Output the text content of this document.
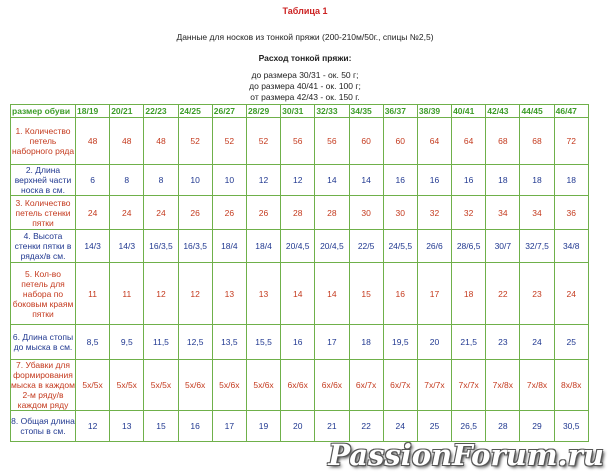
Таблица 1
Данные для носков из тонкой пряжи (200-210м/50г., спицы №2,5)
Расход тонкой пряжи:
до размера 30/31 - ок. 50 г;
до размера 40/41 - ок. 100 г;
от размера 42/43 - ок. 150 г.
размер обуви	18/19	20/21	22/23	24/25	26/27	28/29	30/31	32/33	34/35	36/37	38/39	40/41	42/43	44/45	46/47
1. Количество петель наборного ряда	48	48	48	52	52	52	56	56	60	60	64	64	68	68	72
2. Длина верхней части носка в см.	6	8	8	10	10	12	12	14	14	16	16	16	18	18	18
3. Количество петель стенки пятки	24	24	24	26	26	26	28	28	30	30	32	32	34	34	36
4. Высота стенки пятки в рядах/в см.	14/3	14/3	16/3,5	16/3,5	18/4	18/4	20/4,5	20/4,5	22/5	24/5,5	26/6	28/6,5	30/7	32/7,5	34/8
5. Кол-во петель для набора по боковым краям пятки	11	11	12	12	13	13	14	14	15	16	17	18	22	23	24
6. Длина стопы до мыска в см.	8,5	9,5	11,5	12,5	13,5	15,5	16	17	18	19,5	20	21,5	23	24	25
7. Убавки для формирования мыска в каждом 2-м ряду/в каждом ряду	5х/5х	5х/5х	5х/5х	5х/6х	5х/6х	5х/6х	6х/6х	6х/6х	6х/7х	6х/7х	7х/7х	7х/7х	7х/8х	7х/8х	8х/8х
8. Общая длина стопы в см.	12	13	15	16	17	19	20	21	22	24	25	26,5	28	29	30,5
PassionForum.ru
